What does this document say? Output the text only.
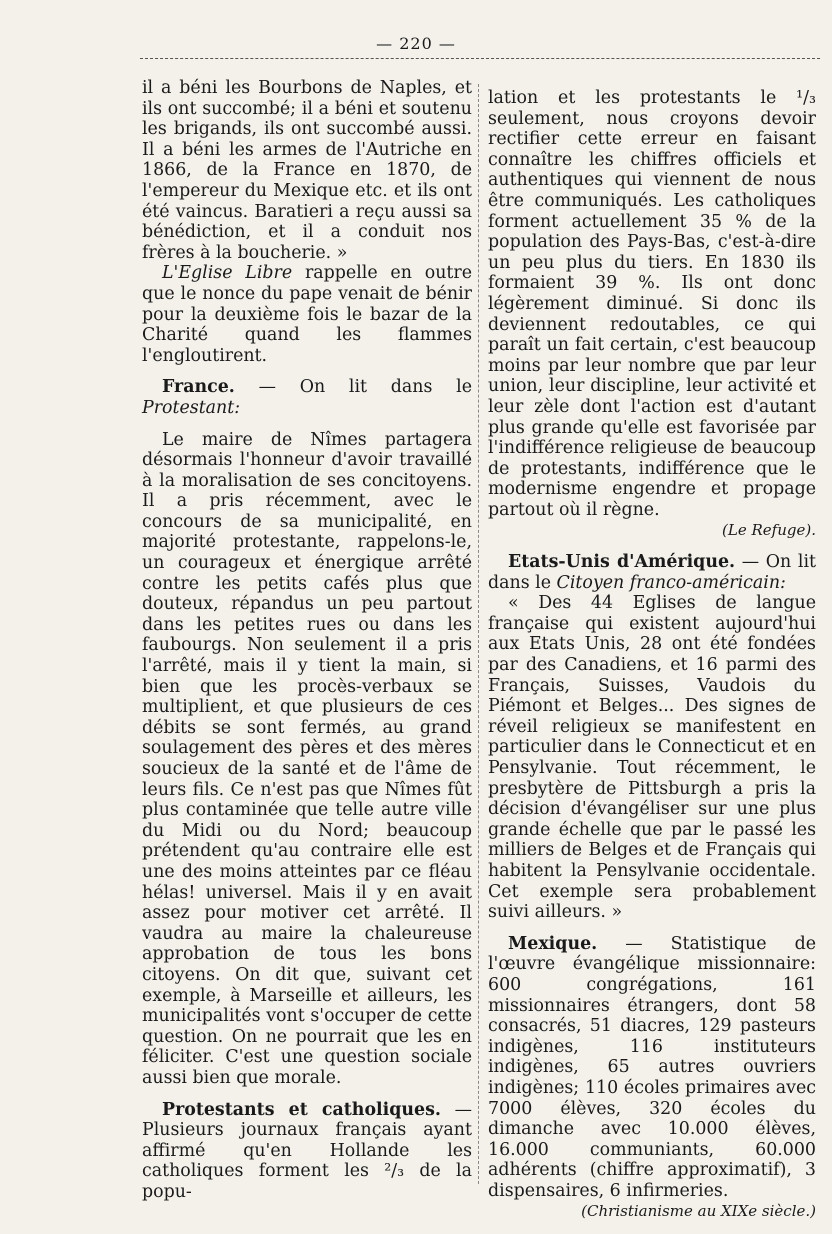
— 220 —

il a béni les Bourbons de Naples, et ils ont succombé; il a béni et soutenu les brigands, ils ont succombé aussi. Il a béni les armes de l'Autriche en 1866, de la France en 1870, de l'empereur du Mexique etc. et ils ont été vaincus. Baratieri a reçu aussi sa bénédiction, et il a conduit nos frères à la boucherie. »

L'Eglise Libre rappelle en outre que le nonce du pape venait de bénir pour la deuxième fois le bazar de la Charité quand les flammes l'engloutirent.

France. — On lit dans le Protestant:

Le maire de Nîmes partagera désormais l'honneur d'avoir travaillé à la moralisation de ses concitoyens. Il a pris récemment, avec le concours de sa municipalité, en majorité protestante, rappelons-le, un courageux et énergique arrêté contre les petits cafés plus que douteux, répandus un peu partout dans les petites rues ou dans les faubourgs. Non seulement il a pris l'arrêté, mais il y tient la main, si bien que les procès-verbaux se multiplient, et que plusieurs de ces débits se sont fermés, au grand soulagement des pères et des mères soucieux de la santé et de l'âme de leurs fils. Ce n'est pas que Nîmes fût plus contaminée que telle autre ville du Midi ou du Nord; beaucoup prétendent qu'au contraire elle est une des moins atteintes par ce fléau hélas! universel. Mais il y en avait assez pour motiver cet arrêté. Il vaudra au maire la chaleureuse approbation de tous les bons citoyens. On dit que, suivant cet exemple, à Marseille et ailleurs, les municipalités vont s'occuper de cette question. On ne pourrait que les en féliciter. C'est une question sociale aussi bien que morale.

Protestants et catholiques. — Plusieurs journaux français ayant affirmé qu'en Hollande les catholiques forment les ²/₃ de la popu-

lation et les protestants le ¹/₃ seulement, nous croyons devoir rectifier cette erreur en faisant connaître les chiffres officiels et authentiques qui viennent de nous être communiqués. Les catholiques forment actuellement 35 % de la population des Pays-Bas, c'est-à-dire un peu plus du tiers. En 1830 ils formaient 39 %. Ils ont donc légèrement diminué. Si donc ils deviennent redoutables, ce qui paraît un fait certain, c'est beaucoup moins par leur nombre que par leur union, leur discipline, leur activité et leur zèle dont l'action est d'autant plus grande qu'elle est favorisée par l'indifférence religieuse de beaucoup de protestants, indifférence que le modernisme engendre et propage partout où il règne.

(Le Refuge).

Etats-Unis d'Amérique. — On lit dans le Citoyen franco-américain:

« Des 44 Eglises de langue française qui existent aujourd'hui aux Etats Unis, 28 ont été fondées par des Canadiens, et 16 parmi des Français, Suisses, Vaudois du Piémont et Belges... Des signes de réveil religieux se manifestent en particulier dans le Connecticut et en Pensylvanie. Tout récemment, le presbytère de Pittsburgh a pris la décision d'évangéliser sur une plus grande échelle que par le passé les milliers de Belges et de Français qui habitent la Pensylvanie occidentale. Cet exemple sera probablement suivi ailleurs. »

Mexique. — Statistique de l'œuvre évangélique missionnaire: 600 congrégations, 161 missionnaires étrangers, dont 58 consacrés, 51 diacres, 129 pasteurs indigènes, 116 instituteurs indigènes, 65 autres ouvriers indigènes; 110 écoles primaires avec 7000 élèves, 320 écoles du dimanche avec 10.000 élèves, 16.000 communiants, 60.000 adhérents (chiffre approximatif), 3 dispensaires, 6 infirmeries.

(Christianisme au XIXe siècle.)
